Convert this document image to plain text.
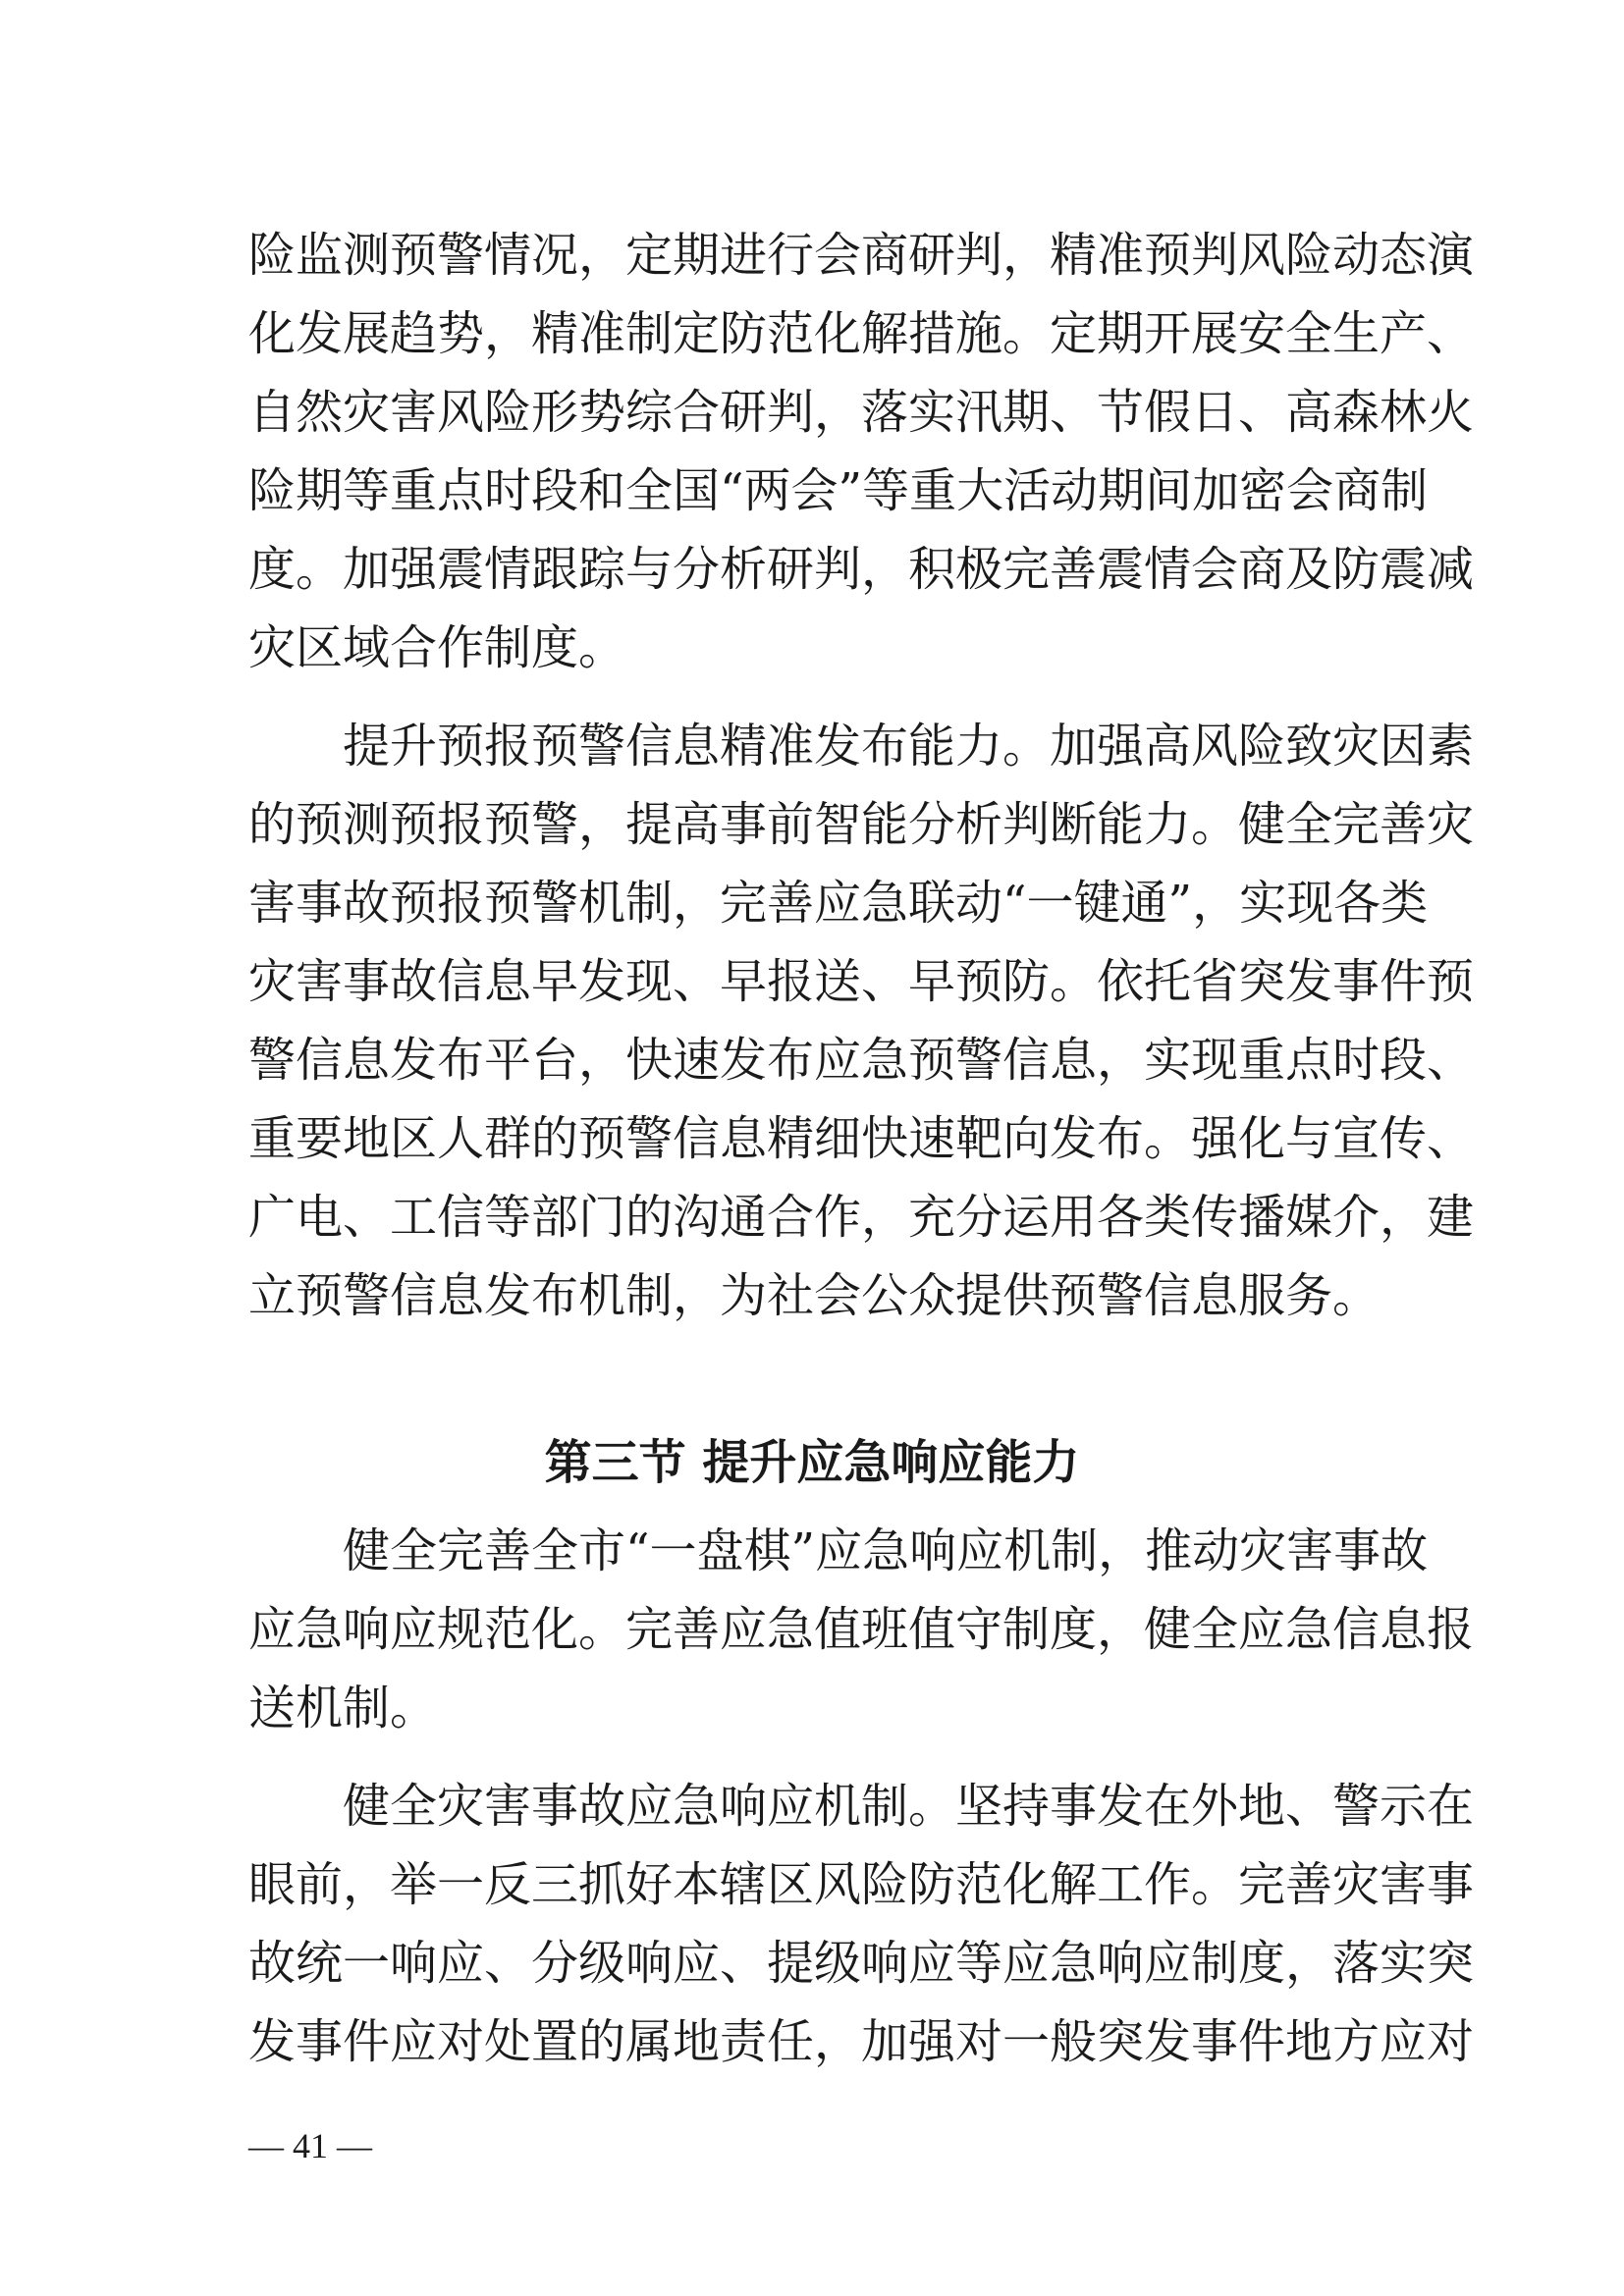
险监测预警情况，定期进行会商研判，精准预判风险动态演
化发展趋势，精准制定防范化解措施。定期开展安全生产、
自然灾害风险形势综合研判，落实汛期、节假日、高森林火
险期等重点时段和全国“两会”等重大活动期间加密会商制
度。加强震情跟踪与分析研判，积极完善震情会商及防震减
灾区域合作制度。
提升预报预警信息精准发布能力。加强高风险致灾因素
的预测预报预警，提高事前智能分析判断能力。健全完善灾
害事故预报预警机制，完善应急联动“一键通”，实现各类
灾害事故信息早发现、早报送、早预防。依托省突发事件预
警信息发布平台，快速发布应急预警信息，实现重点时段、
重要地区人群的预警信息精细快速靶向发布。强化与宣传、
广电、工信等部门的沟通合作，充分运用各类传播媒介，建
立预警信息发布机制，为社会公众提供预警信息服务。
第三节 提升应急响应能力
健全完善全市“一盘棋”应急响应机制，推动灾害事故
应急响应规范化。完善应急值班值守制度，健全应急信息报
送机制。
健全灾害事故应急响应机制。坚持事发在外地、警示在
眼前，举一反三抓好本辖区风险防范化解工作。完善灾害事
故统一响应、分级响应、提级响应等应急响应制度，落实突
发事件应对处置的属地责任，加强对一般突发事件地方应对
— 41 —
